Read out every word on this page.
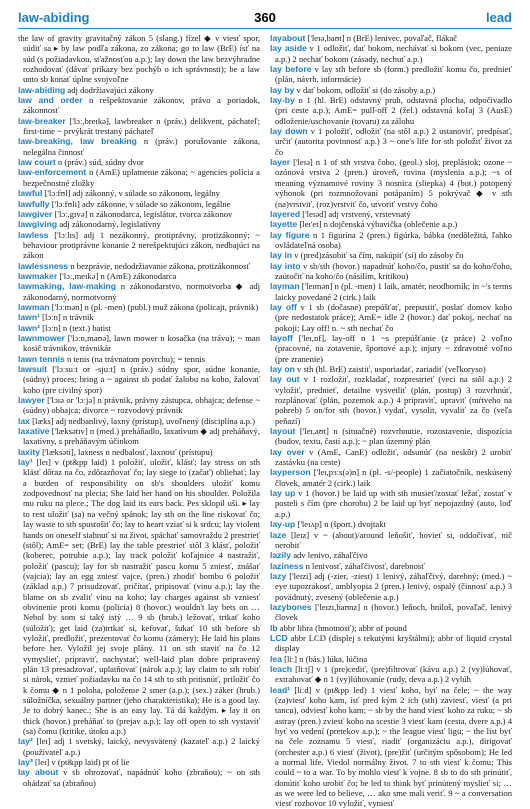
law-abiding	360	lead

the law of gravity gravitačný zákon 5 (slang.) fízel ◆ v viesť spor, súdiť sa ▸ by law podľa zákona, zo zákona; go to law (BrE) ísť na súd (s požiadavkou, sťažnosťou a.p.); lay down the law bezvýhradne rozhodovať (dávať príkazy bez pochýb o ich správnosti); be a law unto sb konať úplne svojvoľne

law-abiding adj dodržiavajúci zákony

law and order n rešpektovanie zákonov, právo a poriadok, zákonnosť

law-breaker ['lɔː,breɪkə], lawbreaker n (práv.) delikvent, páchateľ; first-time ~ prvýkrát trestaný páchateľ

law-breaking, law breaking n (práv.) porušovanie zákona, nelegálna činnosť

law court n (práv.) súd, súdny dvor

law-enforcement n (AmE) uplatnenie zákona; ~ agencies polícia a bezpečnostné zložky

lawful ['lɔːfʊl] adj zákonný, v súlade so zákonom, legálny

lawfully ['lɔːfʊli] adv zákonne, v súlade so zákonom, legálne

lawgiver ['lɔː,gɪvə] n zákonodarca, legislátor, tvorca zákonov

lawgiving adj zákonodarný, legislatívny

lawless ['lɔːlɪs] adj 1 nezákonný, protiprávny, protizákonný; ~ behaviour protiprávne konanie 2 nerešpektujúci zákon, nedbajúci na zákon

lawlessness n bezprávie, nedodržiavanie zákona, protizákonnosť

lawmaker ['lɔː,meɪkə] n (AmE) zákonodarca

lawmaking, law-making n zákonodarstvo, normotvorba ◆ adj zákonodarný, normotvorný

lawman ['lɔːmən] n (pl. -men) (publ.) muž zákona (policajt, právnik)

lawn¹ [lɔːn] n trávnik

lawn² [lɔːn] n (text.) batist

lawnmower ['lɔːn,maʊə], lawn mower n kosačka (na trávu); ~ man kosič trávnikov, trávnikár

lawn tennis n tenis (na trávnatom povrchu); = tennis

lawsuit ['lɔːsuːt or -sjuːt] n (práv.) súdny spor, súdne konanie, (súdny) proces; bring a ~ against sb podať žalobu na koho, žalovať koho (pre civilný spor)

lawyer ['lɔɪə or 'lɔːjə] n právnik, právny zástupca, obhajca; defense ~ (súdny) obhajca; divorce ~ rozvodový právnik

lax [læks] adj nedbanlivý, laxný (prístup), uvoľnený (disciplína a.p.)

laxative ['læksətɪv] n (med.) preháňadlo, laxatívum ◆ adj preháňavý, laxatívny, s preháňavým účinkom

laxity ['læksəti], laxness n nedbalosť, laxnosť (prístupu)

lay¹ [leɪ] v (pt&pp laid) 1 položiť, uložiť, klásť; lay stress on sth klásť dôraz na čo, zdôrazňovať čo; lay siege to (začať) obliehať; lay a burden of responsibility on sb's shoulders uložiť komu zodpovednosť na plecia; She laid her hand on his shoulder. Položila mu ruku na plece.; The dog laid its ears back. Pes sklopil uši. ▸ lay to rest uložiť (sa) na večný spánok; lay sth on the line riskovať čo; lay waste to sth spustošiť čo; lay to heart vziať si k srdcu; lay violent hands on oneself siahnuť si na život, spáchať samovraždu 2 prestrieť (stôl); AmE= set; (BrE) lay the table prestrieť stôl 3 klásť, položiť (koberec, potrubie a.p.); lay track položiť koľajnice 4 nastražiť, položiť (pascu); lay for sb nastražiť pascu komu 5 zniesť, znášať (vajcia); lay an egg zniesť vajce, (pren.) zhodiť bombu 6 položiť (základ a.p.) 7 prisudzovať, pričítať, pripisovať (vinu a.p.); lay the blame on sb zvaliť vinu na koho; lay charges against sb vzniesť obvinenie proti komu (policia) 8 (hovor.) wouldn't lay bets on … Nebol by som si taký istý … 9 sb (hrub.) ležovať, trtkať koho (súložiť); get laid (za)trtkať si, kefovať, šukať 10 sth before sb vyložiť, predložiť, prezentovať čo komu (zámery); He laid his plans before her. Vyložil jej svoje plány. 11 on sth staviť na čo 12 vymyslieť, pripraviť, nachystať; well-laid plan dobre pripravený plán 13 presadzovať, uplatňovať (nárok a.p.); lay claim to sth robiť si nárok, vznieť požiadavku na čo 14 sth to sth pritisnúť, priložiť čo k čomu ◆ n 1 poloha, položenie 2 smer (a.p.); (sex.) záker (hrub.) súložníčka, sexuálny partner (jeho charakteristika); He is a good lay. Je to dobrý kanec.; She is an easy lay. Tá dá každým. ▸ lay it on thick (hovor.) preháňať to (prejav a.p.); lay off open to sth vystaviť (sa) čomu (kritike, útoku a.p.)

lay² [leɪ] adj 1 svetský, laický, nevysvätený (kazateľ a.p.) 2 laický (používateľ a.p.)

lay³ [leɪ] v (pt&pp laid) pt of lie

lay about v sb ohrozovať, napádnúť koho (zbraňou); ~ on sth ohádzať sa (zbraňou)

layabout ['leɪə,baʊt] n (BrE) lenivec, povaľač, flákač

lay aside v 1 odložiť, dať bokom, nechávať si bokom (vec, peniaze a.p.) 2 nechať bokom (zásady, nechuť a.p.)

lay before v lay sth before sb (form.) predložiť komu čo, prednieť (plán, návrh, informácie)

lay by v dať bokom, odložiť si (do zásoby a.p.)

lay-by n 1 (hl. BrE) odstavný pruh, odstavná plocha, odpočívadlo (pri ceste a.p.); AmE= pull-off 2 (žel.) odstavná koľaj 3 (AusE) odloženie/uschovanie (tovaru) za zálohu

lay down v 1 položiť, odložiť (na stôl a.p.) 2 ustanoviť, predpísať, určiť (autorita povinnosť a.p.) 3 ~ one's life for sth položiť život za čo

layer ['leɪə] n 1 of sth vrstva čoho, (geol.) sloj, preplástok; ozone ~ ozónová vrstva 2 (pren.) úroveň, rovina (myslenia a.p.); ~s of meaning významové roviny 3 nosnica (sliepka) 4 (bot.) potopený výhonok (pri rozmnožovaní potápaním) 5 pokrývač ◆ v sth (na)vrstviť, (roz)vrstviť čo, utvoriť vrstvy čoho

layered ['leɪəd] adj vrstvený, vrstevnatý

layette [leɪ'et] n dojčenská výbavička (oblečenie a.p.)

lay figure n 1 figurína 2 (pren.) figúrka, bábka (nedôležitá, ľahko ovládateľná osoba)

lay in v (pred)zásobiť sa čím, nakúpiť (si) do zásoby čo

lay into v sb/sth (hovor.) napadnúť koho/čo, pustiť sa do koho/čoho, zaútočiť na koho/čo (násilím, kritikou)

layman ['leɪmən] n (pl. -men) 1 laik, amatér, neodborník; in ~'s terms laicky povedané 2 (cirk.) laik

lay off v 1 sb (dočasne) prepúšťať, prepustiť, poslať domov koho (pre nedostatok práce); AmE= idle 2 (hovor.) dať pokoj, nechať na pokoji; Lay off! n. ~ sth nechať čo

layoff ['leɪ,ɒf], lay-off n 1 ~s prepúšťanie (z práce) 2 voľno (pracovné, na zotavenie, športové a.p.); injury ~ zdravotné voľno (pre zranenie)

lay on v sth (hl. BrE) zaistiť, usporiadať, zariadiť (veľkorysо)

lay out v 1 rozložiť, rozkladať, rozprestrieť (veci na stôl a.p.) 2 vyložiť, prednieť, detailne vysvetliť (plán, postup) 3 rozvrhnúť, rozplánovať (plán, pozemok a.p.) 4 pripraviť, upraviť (mŕtveho na pohreb) 5 on/for sth (hovor.) vydať, vysolit, vyvaliť za čo (veľa peňazí)

layout ['leɪ,aʊt] n (situačné) rozvrhnutie, rozostavenie, dispozícia (budov, textu, častí a.p.); ~ plan územný plán

lay over v (AmE, CanE) odložiť, odsunúť (na neskôr) 2 urobiť zastávku (na ceste)

layperson ['leɪ,pɜːs(ə)n] n (pl. -s/-people) 1 začiatočník, neskúsený človek, amatér 2 (cirk.) laik

lay up v 1 (hovor.) be laid up with sth musieť/zostať ležať, zostať v posteli s čím (pre chorobu) 2 be laid up byť nepojazdný (auto, loď a.p.)

lay-up ['leɪʌp] n (šport.) dvojtakt

laze [leɪz] v ~ (about)/around leňošiť, hovieť si, oddočívať, nič nerobiť

lazily adv lenivo, záhaľčivo

laziness n lenivosť, záhaľčivosť, darebnosť

lazy ['leɪzi] adj (-zier, -ziest) 1 lenivý, záhaľčivý, darebný; (med.) ~ eye tupozrakosť, amblyopia 2 (pren.) lenivý, ospalý (činnosť a.p.) 3 povädnutý, zvesený (oblečenie a.p.)

lazybones ['leɪzɪ,baʊnz] n (hovor.) leňoch, hniloš, povaľač, lenivý človek

lb abbr libra (hmotnosť); abbr of pound

LCD abbr LCD (displej s tekutými kryštálmi); abbr of liquid crystal display

lea [liː] n (bás.) lúka, lúčina

leach [liːtʃ] v 1 (pre)cediť, (pre)filtrovať (kávu a.p.) 2 (vy)lúhovať, extrahovať ◆ n 1 (vy)lúhovanie (rudy, deva a.p.) 2 vylúh

lead¹ [liːd] v (pt&pp led) 1 viesť koho, byť na čele; ~ the way (za)viesť koho kam, ísť pred kým 2 ich (sth) zaviesť, viesť (a pri tancu), odviesť koho kam; ~ sb by the hand viesť koho za ruku; ~ sb astray (pren.) zviesť koho na scestie 3 viesť kam (cesta, dvere a.p.) 4 byť vo vedení (pretekov a.p.); ~ the league viesť ligu; ~ the list byť na čele zoznamu 5 viesť, riadiť (organizáciu a.p.), dirigovať (orchester a.p.) 6 viesť (život), (pre)žiť (určitým spôsobom); He led a normal life. Viedol normálny život. 7 to sth viesť k čomu; This could ~ to a war. To by mohlo viesť k vojne. 8 sb to do sth prinútiť, donútiť koho urobiť čo; be led to think byť prinútený myslieť si; … as we were led to believe, … ako sme mali veriť. 9 ~ a conversation viesť rozhovor 10 vyložiť, vyniesť
